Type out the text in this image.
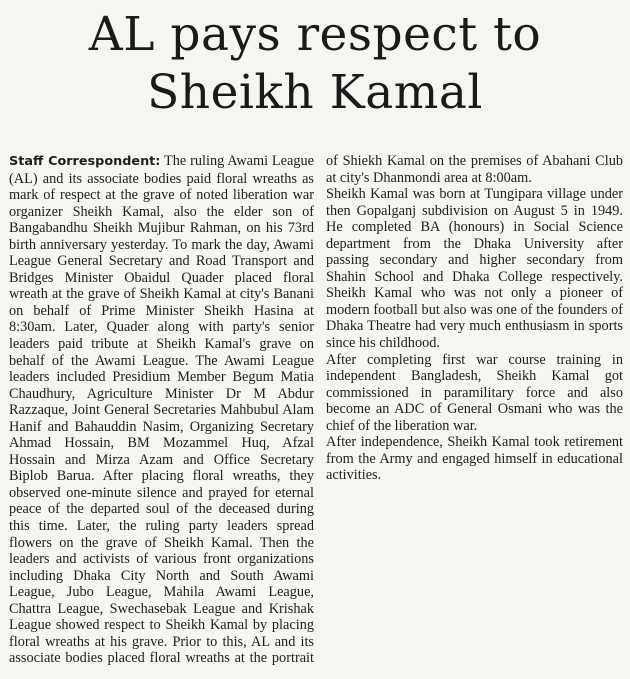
AL pays respect to
Sheikh Kamal

Staff Correspondent: The ruling Awami League (AL) and its associate bodies paid floral wreaths as mark of respect at the grave of noted liberation war organizer Sheikh Kamal, also the elder son of Bangabandhu Sheikh Mujibur Rahman, on his 73rd birth anniversary yesterday. To mark the day, Awami League General Secretary and Road Transport and Bridges Minister Obaidul Quader placed floral wreath at the grave of Sheikh Kamal at city's Banani on behalf of Prime Minister Sheikh Hasina at 8:30am. Later, Quader along with party's senior leaders paid tribute at Sheikh Kamal's grave on behalf of the Awami League. The Awami League leaders included Presidium Member Begum Matia Chaudhury, Agriculture Minister Dr M Abdur Razzaque, Joint General Secretaries Mahbubul Alam Hanif and Bahauddin Nasim, Organizing Secretary Ahmad Hossain, BM Mozammel Huq, Afzal Hossain and Mirza Azam and Office Secretary Biplob Barua. After placing floral wreaths, they observed one-minute silence and prayed for eternal peace of the departed soul of the deceased during this time. Later, the ruling party leaders spread flowers on the grave of Sheikh Kamal. Then the leaders and activists of various front organizations including Dhaka City North and South Awami League, Jubo League, Mahila Awami League, Chattra League, Swechasebak League and Krishak League showed respect to Sheikh Kamal by placing floral wreaths at his grave. Prior to this, AL and its associate bodies placed floral wreaths at the portrait

of Shiekh Kamal on the premises of Abahani Club at city's Dhanmondi area at 8:00am.

Sheikh Kamal was born at Tungipara village under then Gopalganj subdivision on August 5 in 1949. He completed BA (honours) in Social Science department from the Dhaka University after passing secondary and higher secondary from Shahin School and Dhaka College respectively. Sheikh Kamal who was not only a pioneer of modern football but also was one of the founders of Dhaka Theatre had very much enthusiasm in sports since his childhood.

After completing first war course training in independent Bangladesh, Sheikh Kamal got commissioned in paramilitary force and also become an ADC of General Osmani who was the chief of the liberation war.

After independence, Sheikh Kamal took retirement from the Army and engaged himself in educational activities.
